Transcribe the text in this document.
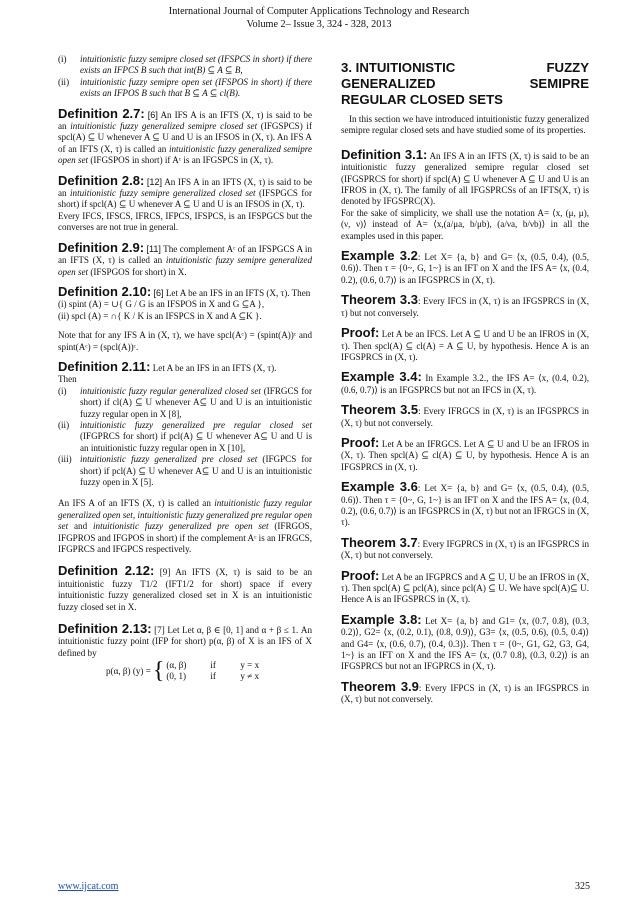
International Journal of Computer Applications Technology and Research
Volume 2– Issue 3, 324 - 328, 2013
(i)	intuitionistic fuzzy semipre closed set (IFSPCS in short) if there exists an IFPCS B such that int(B) ⊆ A ⊆ B,
(ii)	intuitionistic fuzzy semipre open set (IFSPOS in short) if there exists an IFPOS B such that B ⊆ A ⊆ cl(B).

Definition 2.7: [6] An IFS A is an IFTS (X, τ) is said to be an intuitionistic fuzzy generalized semipre closed set (IFGSPCS) if spcl(A) ⊆ U whenever A ⊆ U and U is an IFSOS in (X, τ). An IFS A of an IFTS (X, τ) is called an intuitionistic fuzzy generalized semipre open set (IFGSPOS in short) if Aᶜ is an IFGSPCS in (X, τ).

Definition 2.8: [12] An IFS A in an IFTS (X, τ) is said to be an intuitionistic fuzzy semipre generalized closed set (IFSPGCS for short) if spcl(A) ⊆ U whenever A ⊆ U and U is an IFSOS in (X, τ).

Every IFCS, IFSCS, IFRCS, IFPCS, IFSPCS, is an IFSPGCS but the converses are not true in general.

Definition 2.9: [11] The complement Aᶜ of an IFSPGCS A in an IFTS (X, τ) is called an intuitionistic fuzzy semipre generalized open set (IFSPGOS for short) in X.

Definition 2.10: [6] Let A be an IFS in an IFTS (X, τ). Then

(i) spint (A) = ∪{ G / G is an IFSPOS in X and G ⊆A },

(ii) spcl (A) = ∩{ K / K is an IFSPCS in X and A ⊆K }.

Note that for any IFS A in (X, τ), we have spcl(Aᶜ) = (spint(A))ᶜ and spint(Aᶜ) = (spcl(A))ᶜ.

Definition 2.11: Let A be an IFS in an IFTS (X, τ).

Then

(i)	intuitionistic fuzzy regular generalized closed set (IFRGCS for short) if cl(A) ⊆ U whenever A⊆ U and U is an intuitionistic fuzzy regular open in X [8],
(ii)	intuitionistic fuzzy generalized pre regular closed set (IFGPRCS for short) if pcl(A) ⊆ U whenever A⊆ U and U is an intuitionistic fuzzy regular open in X [10],
(iii) intuitionistic fuzzy generalized pre closed set (IFGPCS for short) if pcl(A) ⊆ U whenever A⊆ U and U is an intuitionistic fuzzy open in X [5].

An IFS A of an IFTS (X, τ) is called an intuitionistic fuzzy regular generalized open set, intuitionistic fuzzy generalized pre regular open set and intuitionistic fuzzy generalized pre open set (IFRGOS, IFGPROS and IFGPOS in short) if the complement Aᶜ is an IFRGCS, IFGPRCS and IFGPCS respectively.

Definition 2.12: [9] An IFTS (X, τ) is said to be an intuitionistic fuzzy T1/2 (IFT1/2 for short) space if every intuitionistic fuzzy generalized closed set in X is an intuitionistic fuzzy closed set in X.

Definition 2.13: [7] Let Let α, β ∈ [0, 1] and α + β ≤ 1. An intuitionistic fuzzy point (IFP for short) p(α, β) of X is an IFS of X defined by

p(α, β) (y) = { (α, β)	if	y = x
(0, 1)	if	y ≠ x
3. INTUITIONISTIC	FUZZY
GENERALIZED	SEMIPRE
REGULAR CLOSED SETS

In this section we have introduced intuitionistic fuzzy generalized semipre regular closed sets and have studied some of its properties.

Definition 3.1: An IFS A in an IFTS (X, τ) is said to be an intuitionistic fuzzy generalized semipre regular closed set (IFGSPRCS for short) if spcl(A) ⊆ U whenever A ⊆ U and U is an IFROS in (X, τ). The family of all IFGSPRCSs of an IFTS(X, τ) is denoted by IFGSPRC(X).

For the sake of simplicity, we shall use the notation A= ⟨x, (μ, μ), (ν, ν)⟩ instead of A= ⟨x,(a/μa, b/μb), (a/νa, b/νb)⟩ in all the examples used in this paper.

Example 3.2: Let X= {a, b} and G= ⟨x, (0.5, 0.4), (0.5, 0.6)⟩. Then τ = {0~, G, 1~} is an IFT on X and the IFS A= ⟨x, (0.4, 0.2), (0.6, 0.7)⟩ is an IFGSPRCS in (X, τ).

Theorem 3.3: Every IFCS in (X, τ) is an IFGSPRCS in (X, τ) but not conversely.

Proof: Let A be an IFCS. Let A ⊆ U and U be an IFROS in (X, τ). Then spcl(A) ⊆ cl(A) = A ⊆ U, by hypothesis. Hence A is an IFGSPRCS in (X, τ).

Example 3.4: In Example 3.2., the IFS A= ⟨x, (0.4, 0.2), (0.6, 0.7)⟩ is an IFGSPRCS but not an IFCS in (X, τ).

Theorem 3.5: Every IFRGCS in (X, τ) is an IFGSPRCS in (X, τ) but not conversely.

Proof: Let A be an IFRGCS. Let A ⊆ U and U be an IFROS in (X, τ). Then spcl(A) ⊆ cl(A) ⊆ U, by hypothesis. Hence A is an IFGSPRCS in (X, τ).

Example 3.6: Let X= {a, b} and G= ⟨x, (0.5, 0.4), (0.5, 0.6)⟩. Then τ = {0~, G, 1~} is an IFT on X and the IFS A= ⟨x, (0.4, 0.2), (0.6, 0.7)⟩ is an IFGSPRCS in (X, τ) but not an IFRGCS in (X, τ).

Theorem 3.7: Every IFGPRCS in (X, τ) is an IFGSPRCS in (X, τ) but not conversely.

Proof: Let A be an IFGPRCS and A ⊆ U, U be an IFROS in (X, τ). Then spcl(A) ⊆ pcl(A), since pcl(A) ⊆ U. We have spcl(A)⊆ U. Hence A is an IFGSPRCS in (X, τ).

Example 3.8: Let X= {a, b} and G1= ⟨x, (0.7, 0.8), (0.3, 0.2)⟩, G2= ⟨x, (0.2, 0.1), (0.8, 0.9)⟩, G3= ⟨x, (0.5, 0.6), (0.5, 0.4)⟩ and G4= ⟨x, (0.6, 0.7), (0.4, 0.3)⟩. Then τ = {0~, G1, G2, G3, G4, 1~} is an IFT on X and the IFS A= ⟨x, (0.7 0.8), (0.3, 0.2)⟩ is an IFGSPRCS but not an IFGPRCS in (X, τ).

Theorem 3.9: Every IFPCS in (X, τ) is an IFGSPRCS in (X, τ) but not conversely.

www.ijcat.com	325
